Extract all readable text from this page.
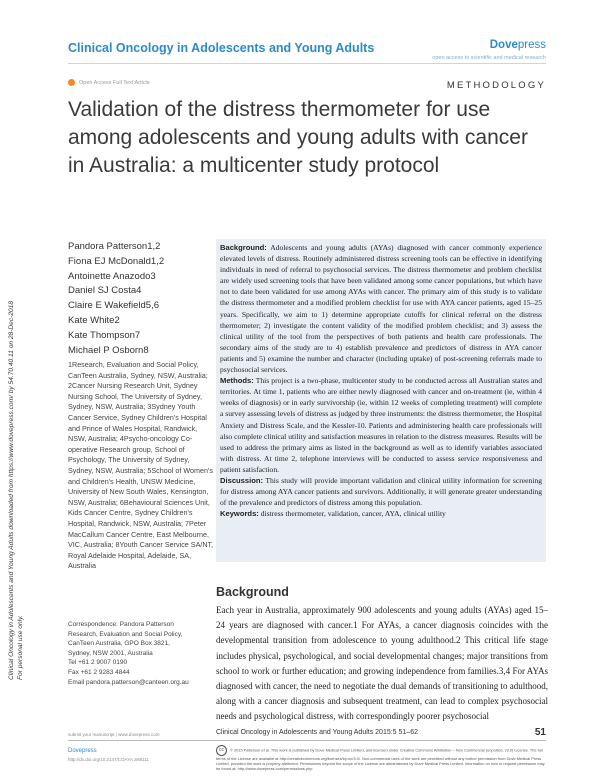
Clinical Oncology in Adolescents and Young Adults	Dovepress
open access to scientific and medical research
Open Access Full Text Article	METHODOLOGY
Validation of the distress thermometer for use among adolescents and young adults with cancer in Australia: a multicenter study protocol
Pandora Patterson1,2
Fiona EJ McDonald1,2
Antoinette Anazodo3
Daniel SJ Costa4
Claire E Wakefield5,6
Kate White2
Kate Thompson7
Michael P Osborn8
1Research, Evaluation and Social Policy, CanTeen Australia, Sydney, NSW, Australia; 2Cancer Nursing Research Unit, Sydney Nursing School, The University of Sydney, Sydney, NSW, Australia; 3Sydney Youth Cancer Service, Sydney Children's Hospital and Prince of Wales Hospital, Randwick, NSW, Australia; 4Psycho-oncology Co-operative Research group, School of Psychology, The University of Sydney, Sydney, NSW, Australia; 5School of Women's and Children's Health, UNSW Medicine, University of New South Wales, Kensington, NSW, Australia; 6Behavioural Sciences Unit, Kids Cancer Centre, Sydney Children's Hospital, Randwick, NSW, Australia; 7Peter MacCallum Cancer Centre, East Melbourne, VIC, Australia; 8Youth Cancer Service SA/NT, Royal Adelaide Hospital, Adelaide, SA, Australia
Correspondence: Pandora Patterson
Research, Evaluation and Social Policy,
CanTeen Australia, GPO Box 3821,
Sydney, NSW 2001, Australia
Tel +61 2 9007 0190
Fax +61 2 9283 4844
Email pandora.patterson@canteen.org.au

Background: Adolescents and young adults (AYAs) diagnosed with cancer commonly experience elevated levels of distress. Routinely administered distress screening tools can be effective in identifying individuals in need of referral to psychosocial services. The distress thermometer and problem checklist are widely used screening tools that have been validated among some cancer populations, but which have not to date been validated for use among AYAs with cancer. The primary aim of this study is to validate the distress thermometer and a modified problem checklist for use with AYA cancer patients, aged 15–25 years. Specifically, we aim to 1) determine appropriate cutoffs for clinical referral on the distress thermometer; 2) investigate the content validity of the modified problem checklist; and 3) assess the clinical utility of the tool from the perspectives of both patients and health care professionals. The secondary aims of the study are to 4) establish prevalence and predictors of distress in AYA cancer patients and 5) examine the number and character (including uptake) of post-screening referrals made to psychosocial services.

Methods: This project is a two-phase, multicenter study to be conducted across all Australian states and territories. At time 1, patients who are either newly diagnosed with cancer and on-treatment (ie, within 4 weeks of diagnosis) or in early survivorship (ie, within 12 weeks of completing treatment) will complete a survey assessing levels of distress as judged by three instruments: the distress thermometer, the Hospital Anxiety and Distress Scale, and the Kessler-10. Patients and administering health care professionals will also complete clinical utility and satisfaction measures in relation to the distress measures. Results will be used to address the primary aims as listed in the background as well as to identify variables associated with distress. At time 2, telephone interviews will be conducted to assess service responsiveness and patient satisfaction.

Discussion: This study will provide important validation and clinical utility information for screening for distress among AYA cancer patients and survivors. Additionally, it will generate greater understanding of the prevalence and predictors of distress among this population.

Keywords: distress thermometer, validation, cancer, AYA, clinical utility

Background
Each year in Australia, approximately 900 adolescents and young adults (AYAs) aged 15–24 years are diagnosed with cancer.1 For AYAs, a cancer diagnosis coincides with the developmental transition from adolescence to young adulthood.2 This critical life stage includes physical, psychological, and social developmental changes; major transitions from school to work or further education; and growing independence from families.3,4 For AYAs diagnosed with cancer, the need to negotiate the dual demands of transitioning to adulthood, along with a cancer diagnosis and subsequent treatment, can lead to complex psychosocial needs and psychological distress, with correspondingly poorer psychosocial
Clinical Oncology in Adolescents and Young Adults downloaded from https://www.dovepress.com/ by 54.70.40.11 on 28-Dec-2018 For personal use only.
submit your manuscript | www.dovepress.com	Clinical Oncology in Adolescents and Young Adults 2015:5 51–62	51
Dovepress
http://dx.doi.org/10.2147/COAYA.S68111
cc © 2015 Patterson et al. This work is published by Dove Medical Press Limited, and licensed under Creative Commons Attribution – Non Commercial (unported, v3.0) License. The full terms of the License are available at http://creativecommons.org/licenses/by-nc/3.0/. Non-commercial uses of the work are permitted without any further permission from Dove Medical Press Limited, provided the work is properly attributed. Permissions beyond the scope of the License are administered by Dove Medical Press Limited. Information on how to request permission may be found at: http://www.dovepress.com/permissions.php
